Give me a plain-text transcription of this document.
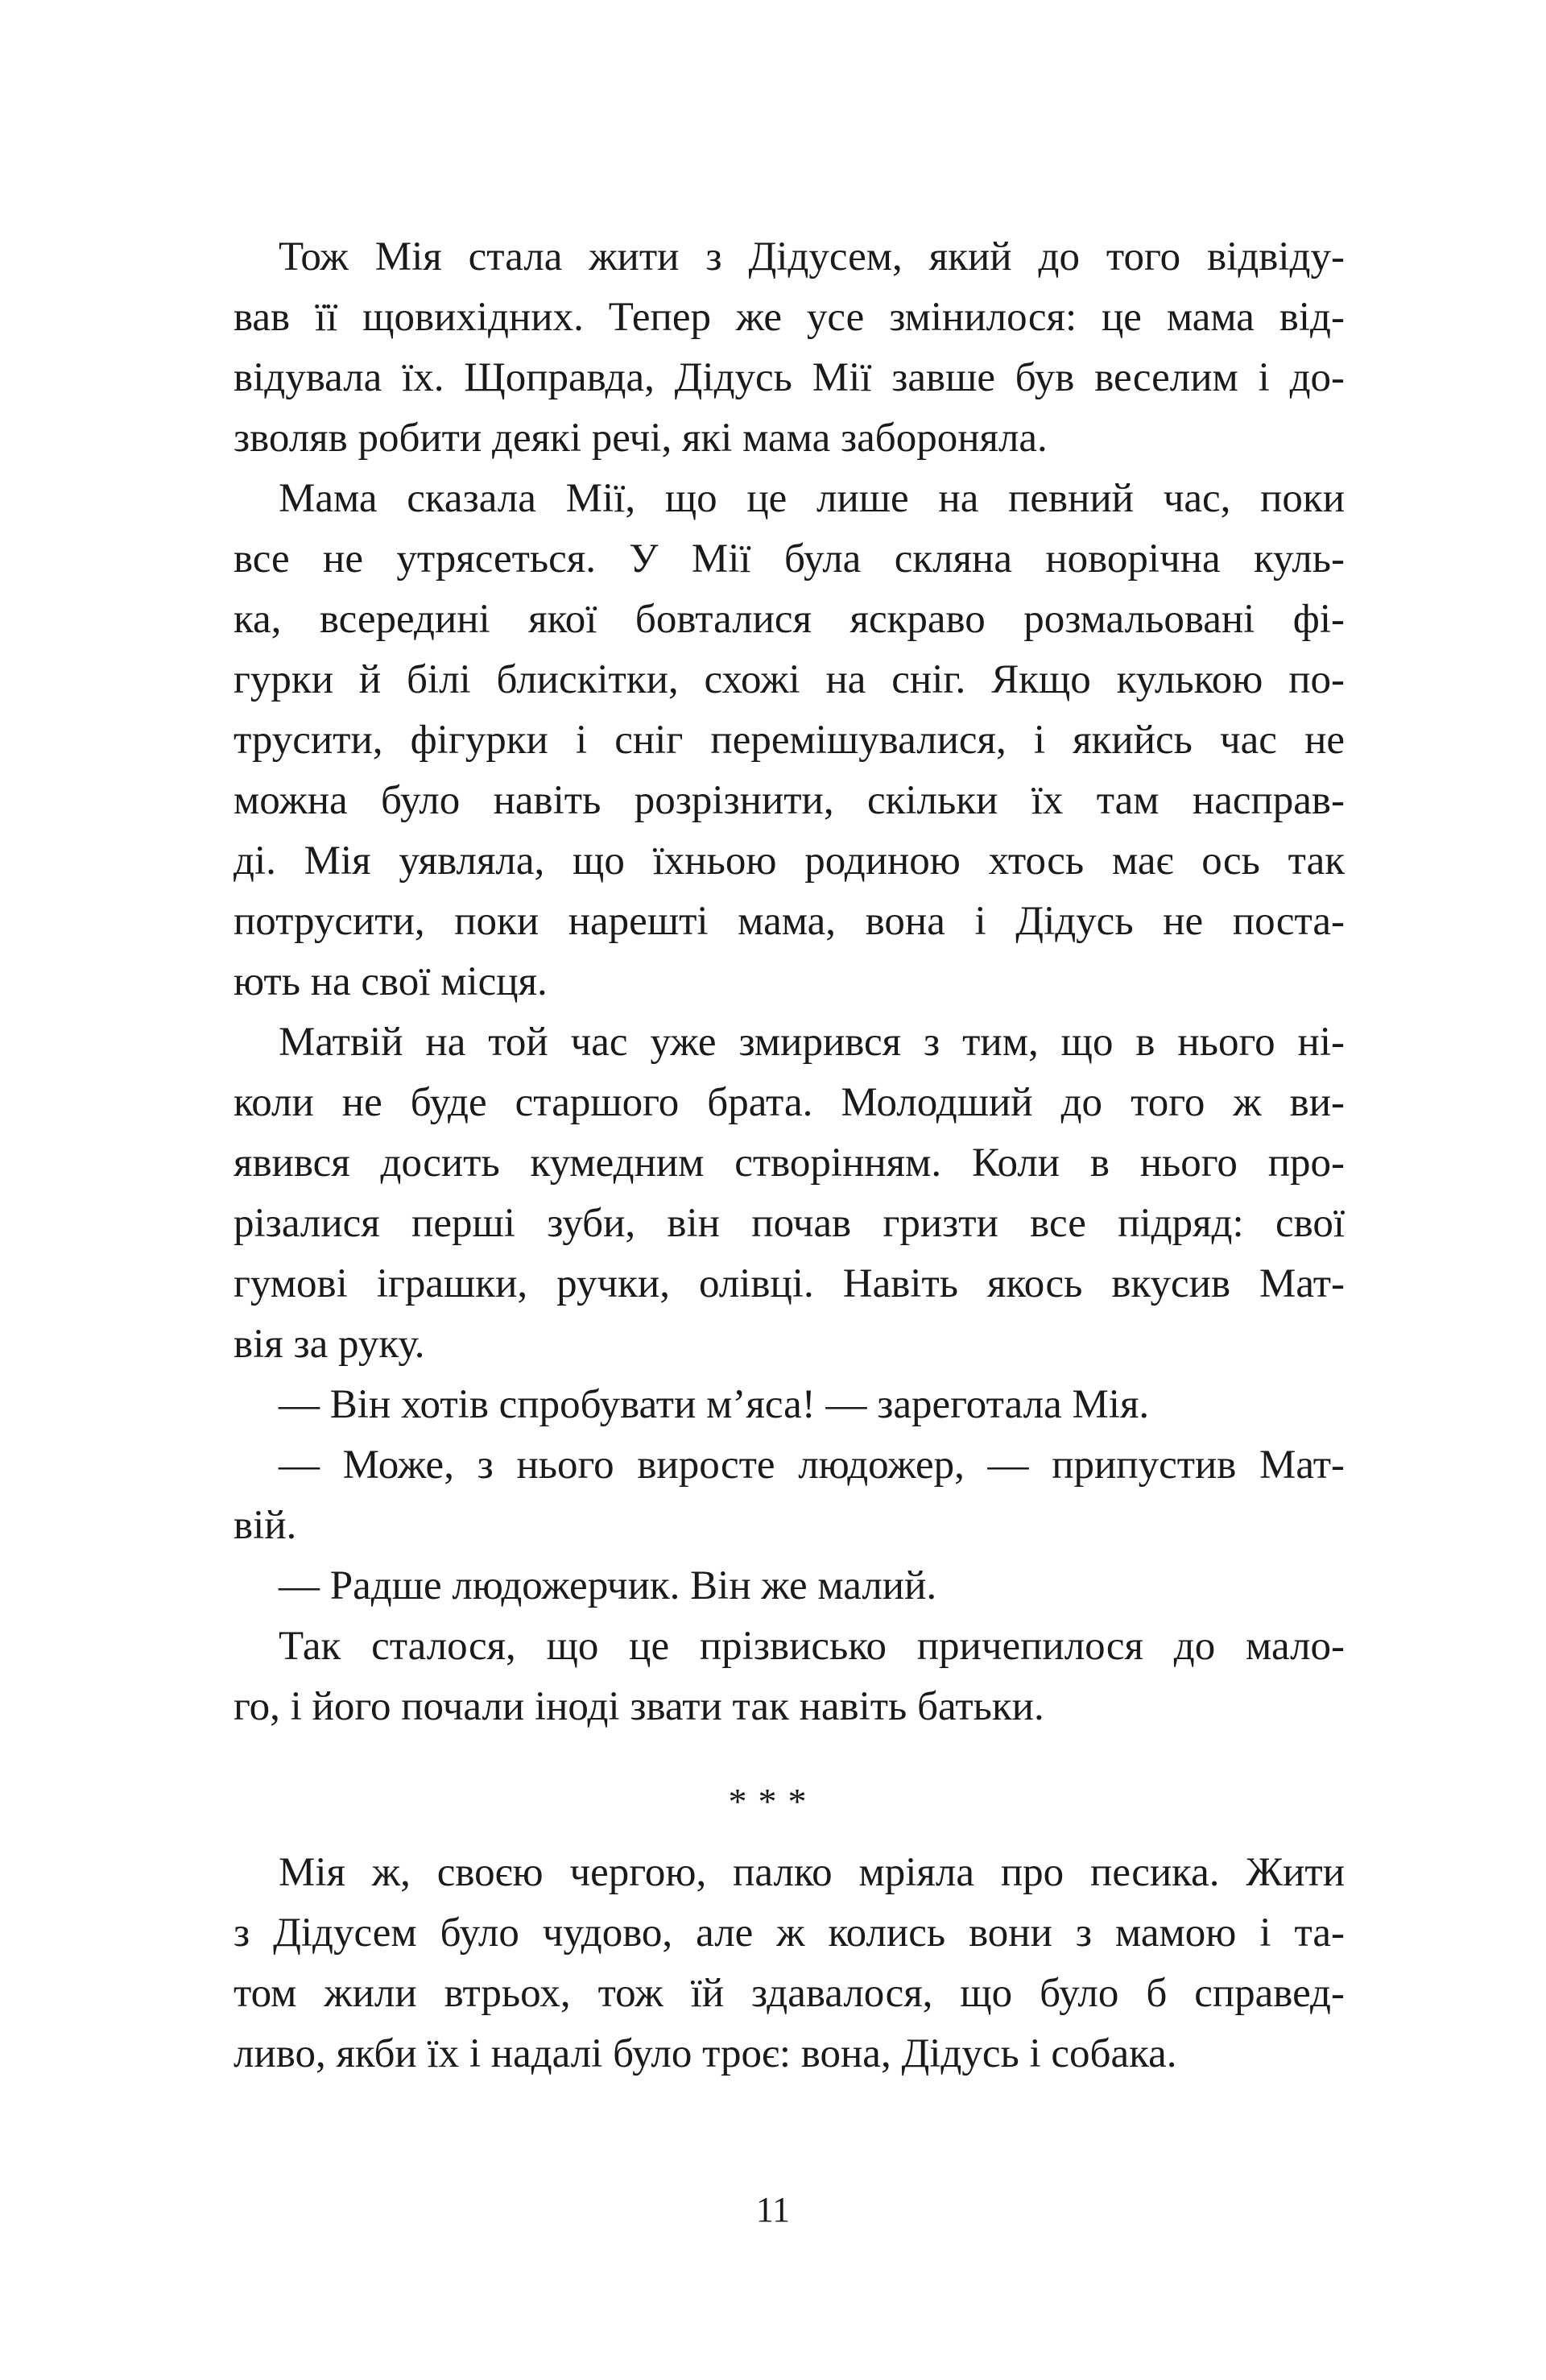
Тож Мія стала жити з Дідусем, який до того відвіду-
вав її щовихідних. Тепер же усе змінилося: це мама від-
відувала їх. Щоправда, Дідусь Мії завше був веселим і до-
зволяв робити деякі речі, які мама забороняла.
Мама сказала Мії, що це лише на певний час, поки
все не утрясеться. У Мії була скляна новорічна куль-
ка, всередині якої бовталися яскраво розмальовані фі-
гурки й білі блискітки, схожі на сніг. Якщо кулькою по-
трусити, фігурки і сніг перемішувалися, і якийсь час не
можна було навіть розрізнити, скільки їх там насправ-
ді. Мія уявляла, що їхньою родиною хтось має ось так
потрусити, поки нарешті мама, вона і Дідусь не поста-
ють на свої місця.
Матвій на той час уже змирився з тим, що в нього ні-
коли не буде старшого брата. Молодший до того ж ви-
явився досить кумедним створінням. Коли в нього про-
різалися перші зуби, він почав гризти все підряд: свої
гумові іграшки, ручки, олівці. Навіть якось вкусив Мат-
вія за руку.
— Він хотів спробувати м’яса! — зареготала Мія.
— Може, з нього виросте людожер, — припустив Мат-
вій.
— Радше людожерчик. Він же малий.
Так сталося, що це прізвисько причепилося до мало-
го, і його почали іноді звати так навіть батьки.
***
Мія ж, своєю чергою, палко мріяла про песика. Жити
з Дідусем було чудово, але ж колись вони з мамою і та-
том жили втрьох, тож їй здавалося, що було б справед-
ливо, якби їх і надалі було троє: вона, Дідусь і собака.
11
